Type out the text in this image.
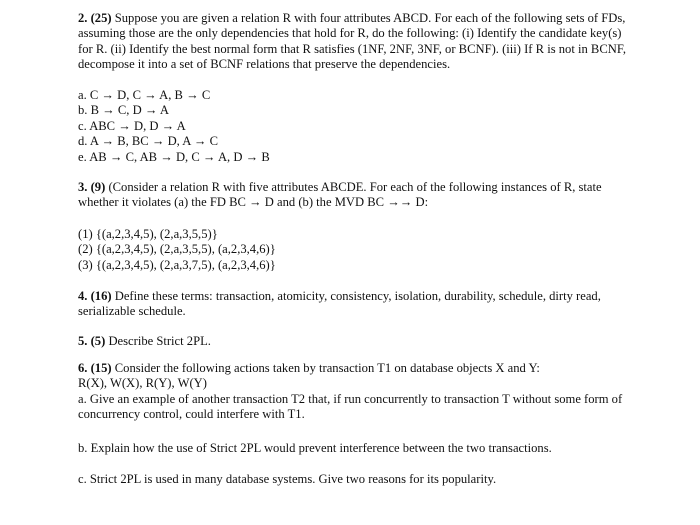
2. (25) Suppose you are given a relation R with four attributes ABCD. For each of the following sets of FDs, assuming those are the only dependencies that hold for R, do the following: (i) Identify the candidate key(s) for R. (ii) Identify the best normal form that R satisfies (1NF, 2NF, 3NF, or BCNF). (iii) If R is not in BCNF, decompose it into a set of BCNF relations that preserve the dependencies.

a. C → D, C → A, B → C
b. B → C, D → A
c. ABC → D, D → A
d. A → B, BC → D, A → C
e. AB → C, AB → D, C → A, D → B

3. (9) (Consider a relation R with five attributes ABCDE. For each of the following instances of R, state whether it violates (a) the FD BC → D and (b) the MVD BC →→ D:

(1) {(a,2,3,4,5), (2,a,3,5,5)}
(2) {(a,2,3,4,5), (2,a,3,5,5), (a,2,3,4,6)}
(3) {(a,2,3,4,5), (2,a,3,7,5), (a,2,3,4,6)}

4. (16) Define these terms: transaction, atomicity, consistency, isolation, durability, schedule, dirty read, serializable schedule.

5. (5) Describe Strict 2PL.

6. (15) Consider the following actions taken by transaction T1 on database objects X and Y:

R(X), W(X), R(Y), W(Y)

a. Give an example of another transaction T2 that, if run concurrently to transaction T without some form of concurrency control, could interfere with T1.

b. Explain how the use of Strict 2PL would prevent interference between the two transactions.

c. Strict 2PL is used in many database systems. Give two reasons for its popularity.
